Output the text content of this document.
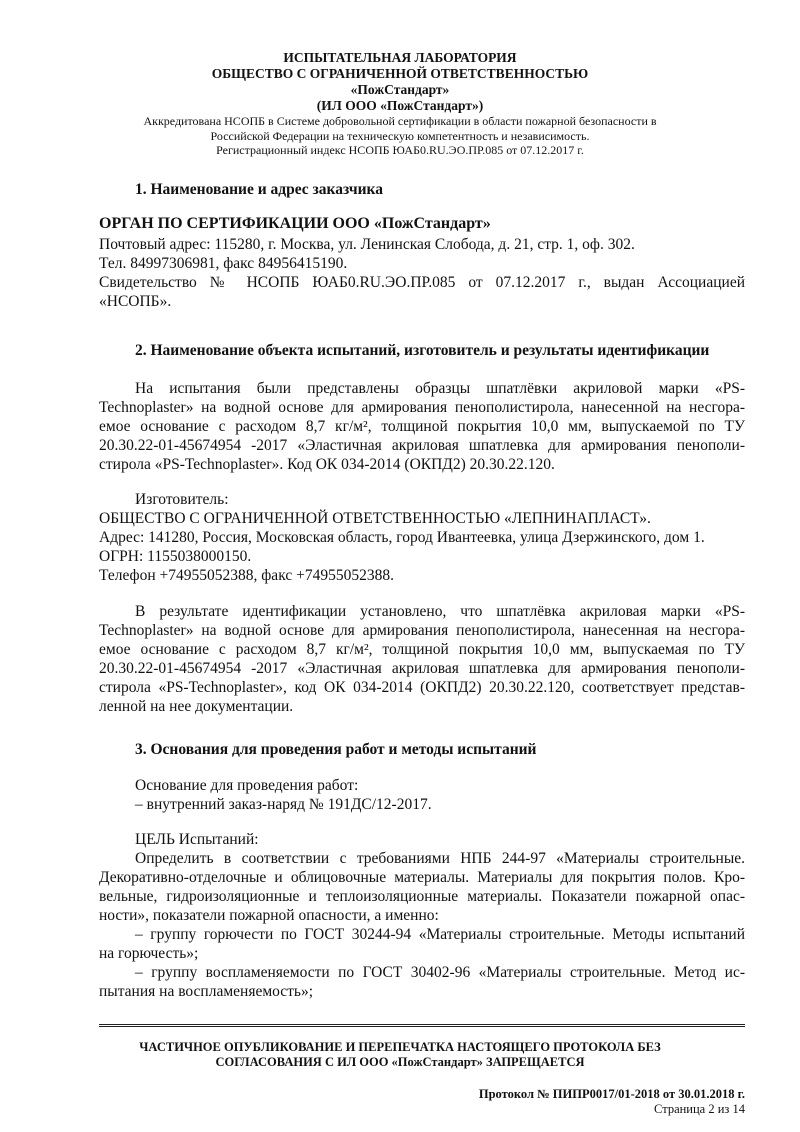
ИСПЫТАТЕЛЬНАЯ ЛАБОРАТОРИЯ
ОБЩЕСТВО С ОГРАНИЧЕННОЙ ОТВЕТСТВЕННОСТЬЮ
«ПожСтандарт»
(ИЛ ООО «ПожСтандарт»)
Аккредитована НСОПБ в Системе добровольной сертификации в области пожарной безопасности в
Российской Федерации на техническую компетентность и независимость.
Регистрационный индекс НСОПБ ЮАБ0.RU.ЭО.ПР.085 от 07.12.2017 г.
1. Наименование и адрес заказчика
ОРГАН ПО СЕРТИФИКАЦИИ ООО «ПожСтандарт»
Почтовый адрес: 115280, г. Москва, ул. Ленинская Слобода, д. 21, стр. 1, оф. 302.
Тел. 84997306981, факс 84956415190.
Свидетельство № НСОПБ ЮАБ0.RU.ЭО.ПР.085 от 07.12.2017 г., выдан Ассоциацией
«НСОПБ».
2. Наименование объекта испытаний, изготовитель и результаты идентификации
На испытания были представлены образцы шпатлёвки акриловой марки «PS-
Technoplaster» на водной основе для армирования пенополистирола, нанесенной на несгора-
емое основание с расходом 8,7 кг/м², толщиной покрытия 10,0 мм, выпускаемой по ТУ
20.30.22-01-45674954 -2017 «Эластичная акриловая шпатлевка для армирования пенополи-
стирола «PS-Technoplaster». Код ОК 034-2014 (ОКПД2) 20.30.22.120.
Изготовитель:
ОБЩЕСТВО С ОГРАНИЧЕННОЙ ОТВЕТСТВЕННОСТЬЮ «ЛЕПНИНАПЛАСТ».
Адрес: 141280, Россия, Московская область, город Ивантеевка, улица Дзержинского, дом 1.
ОГРН: 1155038000150.
Телефон +74955052388, факс +74955052388.
В результате идентификации установлено, что шпатлёвка акриловая марки «PS-
Technoplaster» на водной основе для армирования пенополистирола, нанесенная на несгора-
емое основание с расходом 8,7 кг/м², толщиной покрытия 10,0 мм, выпускаемая по ТУ
20.30.22-01-45674954 -2017 «Эластичная акриловая шпатлевка для армирования пенополи-
стирола «PS-Technoplaster», код ОК 034-2014 (ОКПД2) 20.30.22.120, соответствует представ-
ленной на нее документации.
3. Основания для проведения работ и методы испытаний
Основание для проведения работ:
– внутренний заказ-наряд № 191ДС/12-2017.
ЦЕЛЬ Испытаний:
Определить в соответствии с требованиями НПБ 244-97 «Материалы строительные.
Декоративно-отделочные и облицовочные материалы. Материалы для покрытия полов. Кро-
вельные, гидроизоляционные и теплоизоляционные материалы. Показатели пожарной опас-
ности», показатели пожарной опасности, а именно:
– группу горючести по ГОСТ 30244-94 «Материалы строительные. Методы испытаний
на горючесть»;
– группу воспламеняемости по ГОСТ 30402-96 «Материалы строительные. Метод ис-
пытания на воспламеняемость»;
ЧАСТИЧНОЕ ОПУБЛИКОВАНИЕ И ПЕРЕПЕЧАТКА НАСТОЯЩЕГО ПРОТОКОЛА БЕЗ
СОГЛАСОВАНИЯ С ИЛ ООО «ПожСтандарт» ЗАПРЕЩАЕТСЯ
Протокол № ПИПР0017/01-2018 от 30.01.2018 г.
Страница 2 из 14
